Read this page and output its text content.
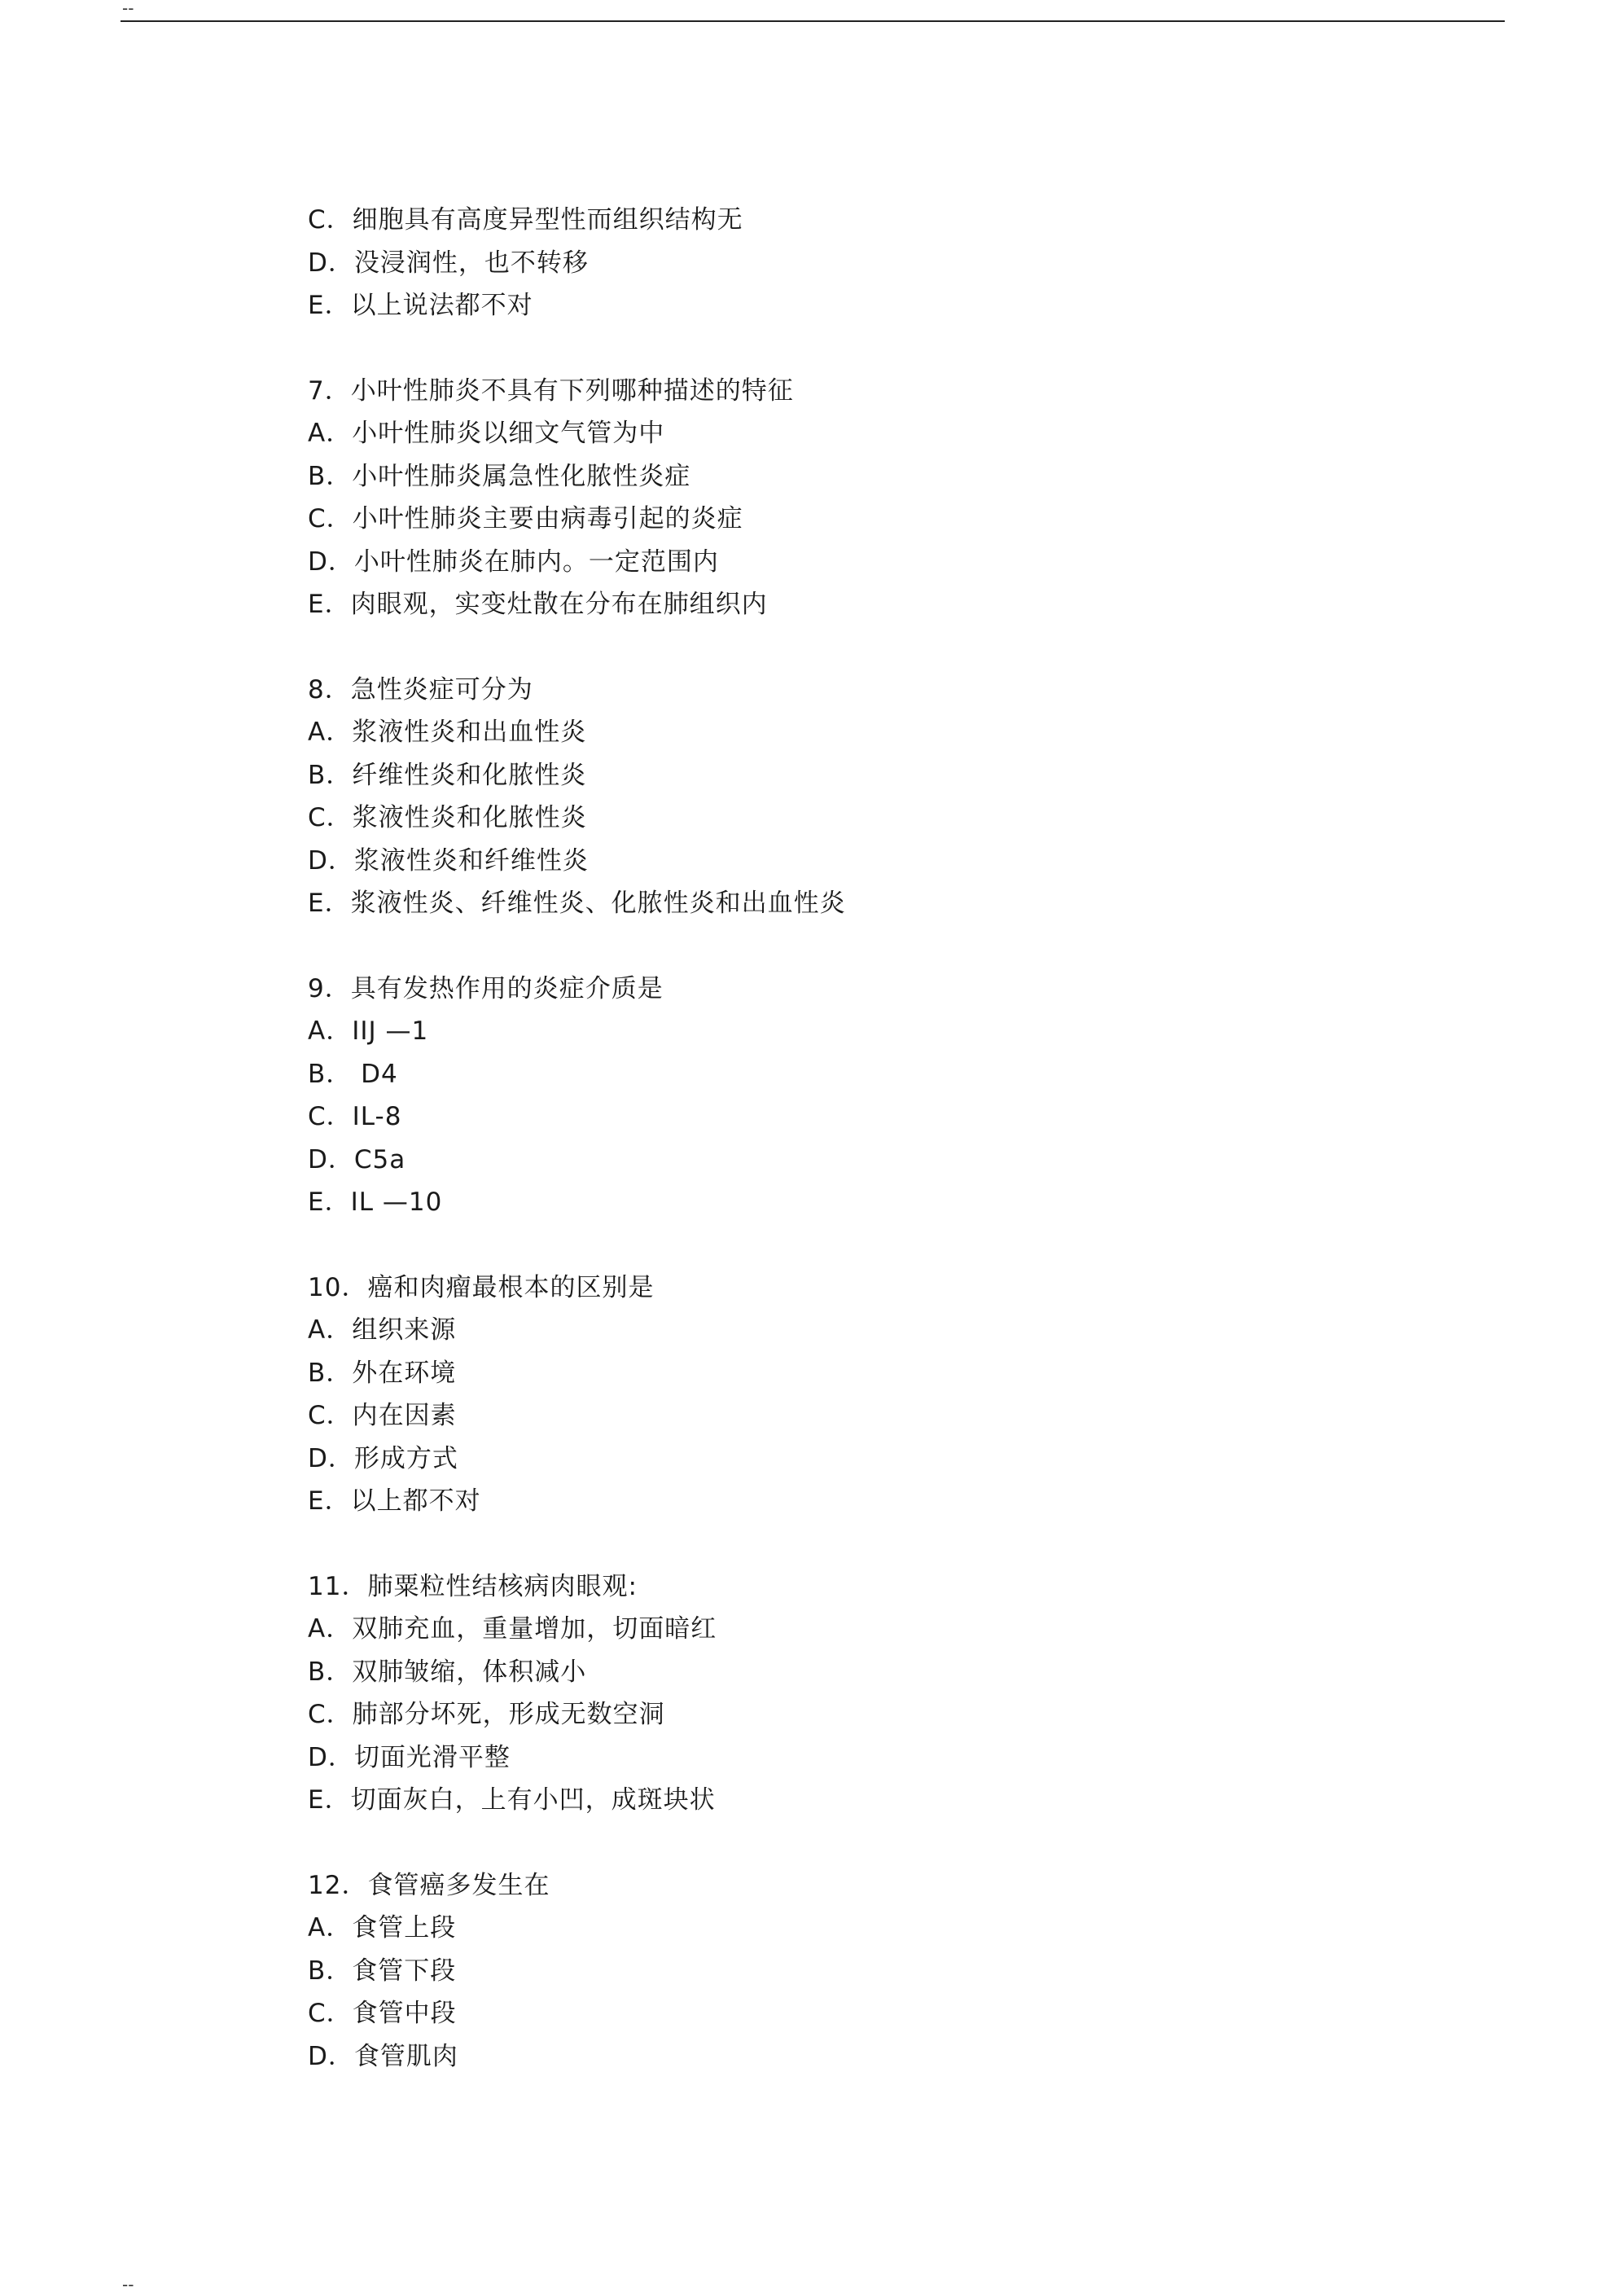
--
C．细胞具有高度异型性而组织结构无
D．没浸润性，也不转移
E．以上说法都不对
7．小叶性肺炎不具有下列哪种描述的特征
A．小叶性肺炎以细文气管为中
B．小叶性肺炎属急性化脓性炎症
C．小叶性肺炎主要由病毒引起的炎症
D．小叶性肺炎在肺内。一定范围内
E．肉眼观，实变灶散在分布在肺组织内
8．急性炎症可分为
A．浆液性炎和出血性炎
B．纤维性炎和化脓性炎
C．浆液性炎和化脓性炎
D．浆液性炎和纤维性炎
E．浆液性炎、纤维性炎、化脓性炎和出血性炎
9．具有发热作用的炎症介质是
A．IIJ —1
B． D4
C．IL-8
D．C5a
E．IL —10
10．癌和肉瘤最根本的区别是
A．组织来源
B．外在环境
C．内在因素
D．形成方式
E．以上都不对
11．肺粟粒性结核病肉眼观:
A．双肺充血，重量增加，切面暗红
B．双肺皱缩，体积减小
C．肺部分坏死，形成无数空洞
D．切面光滑平整
E．切面灰白，上有小凹，成斑块状
12．食管癌多发生在
A．食管上段
B．食管下段
C．食管中段
D．食管肌肉
--
